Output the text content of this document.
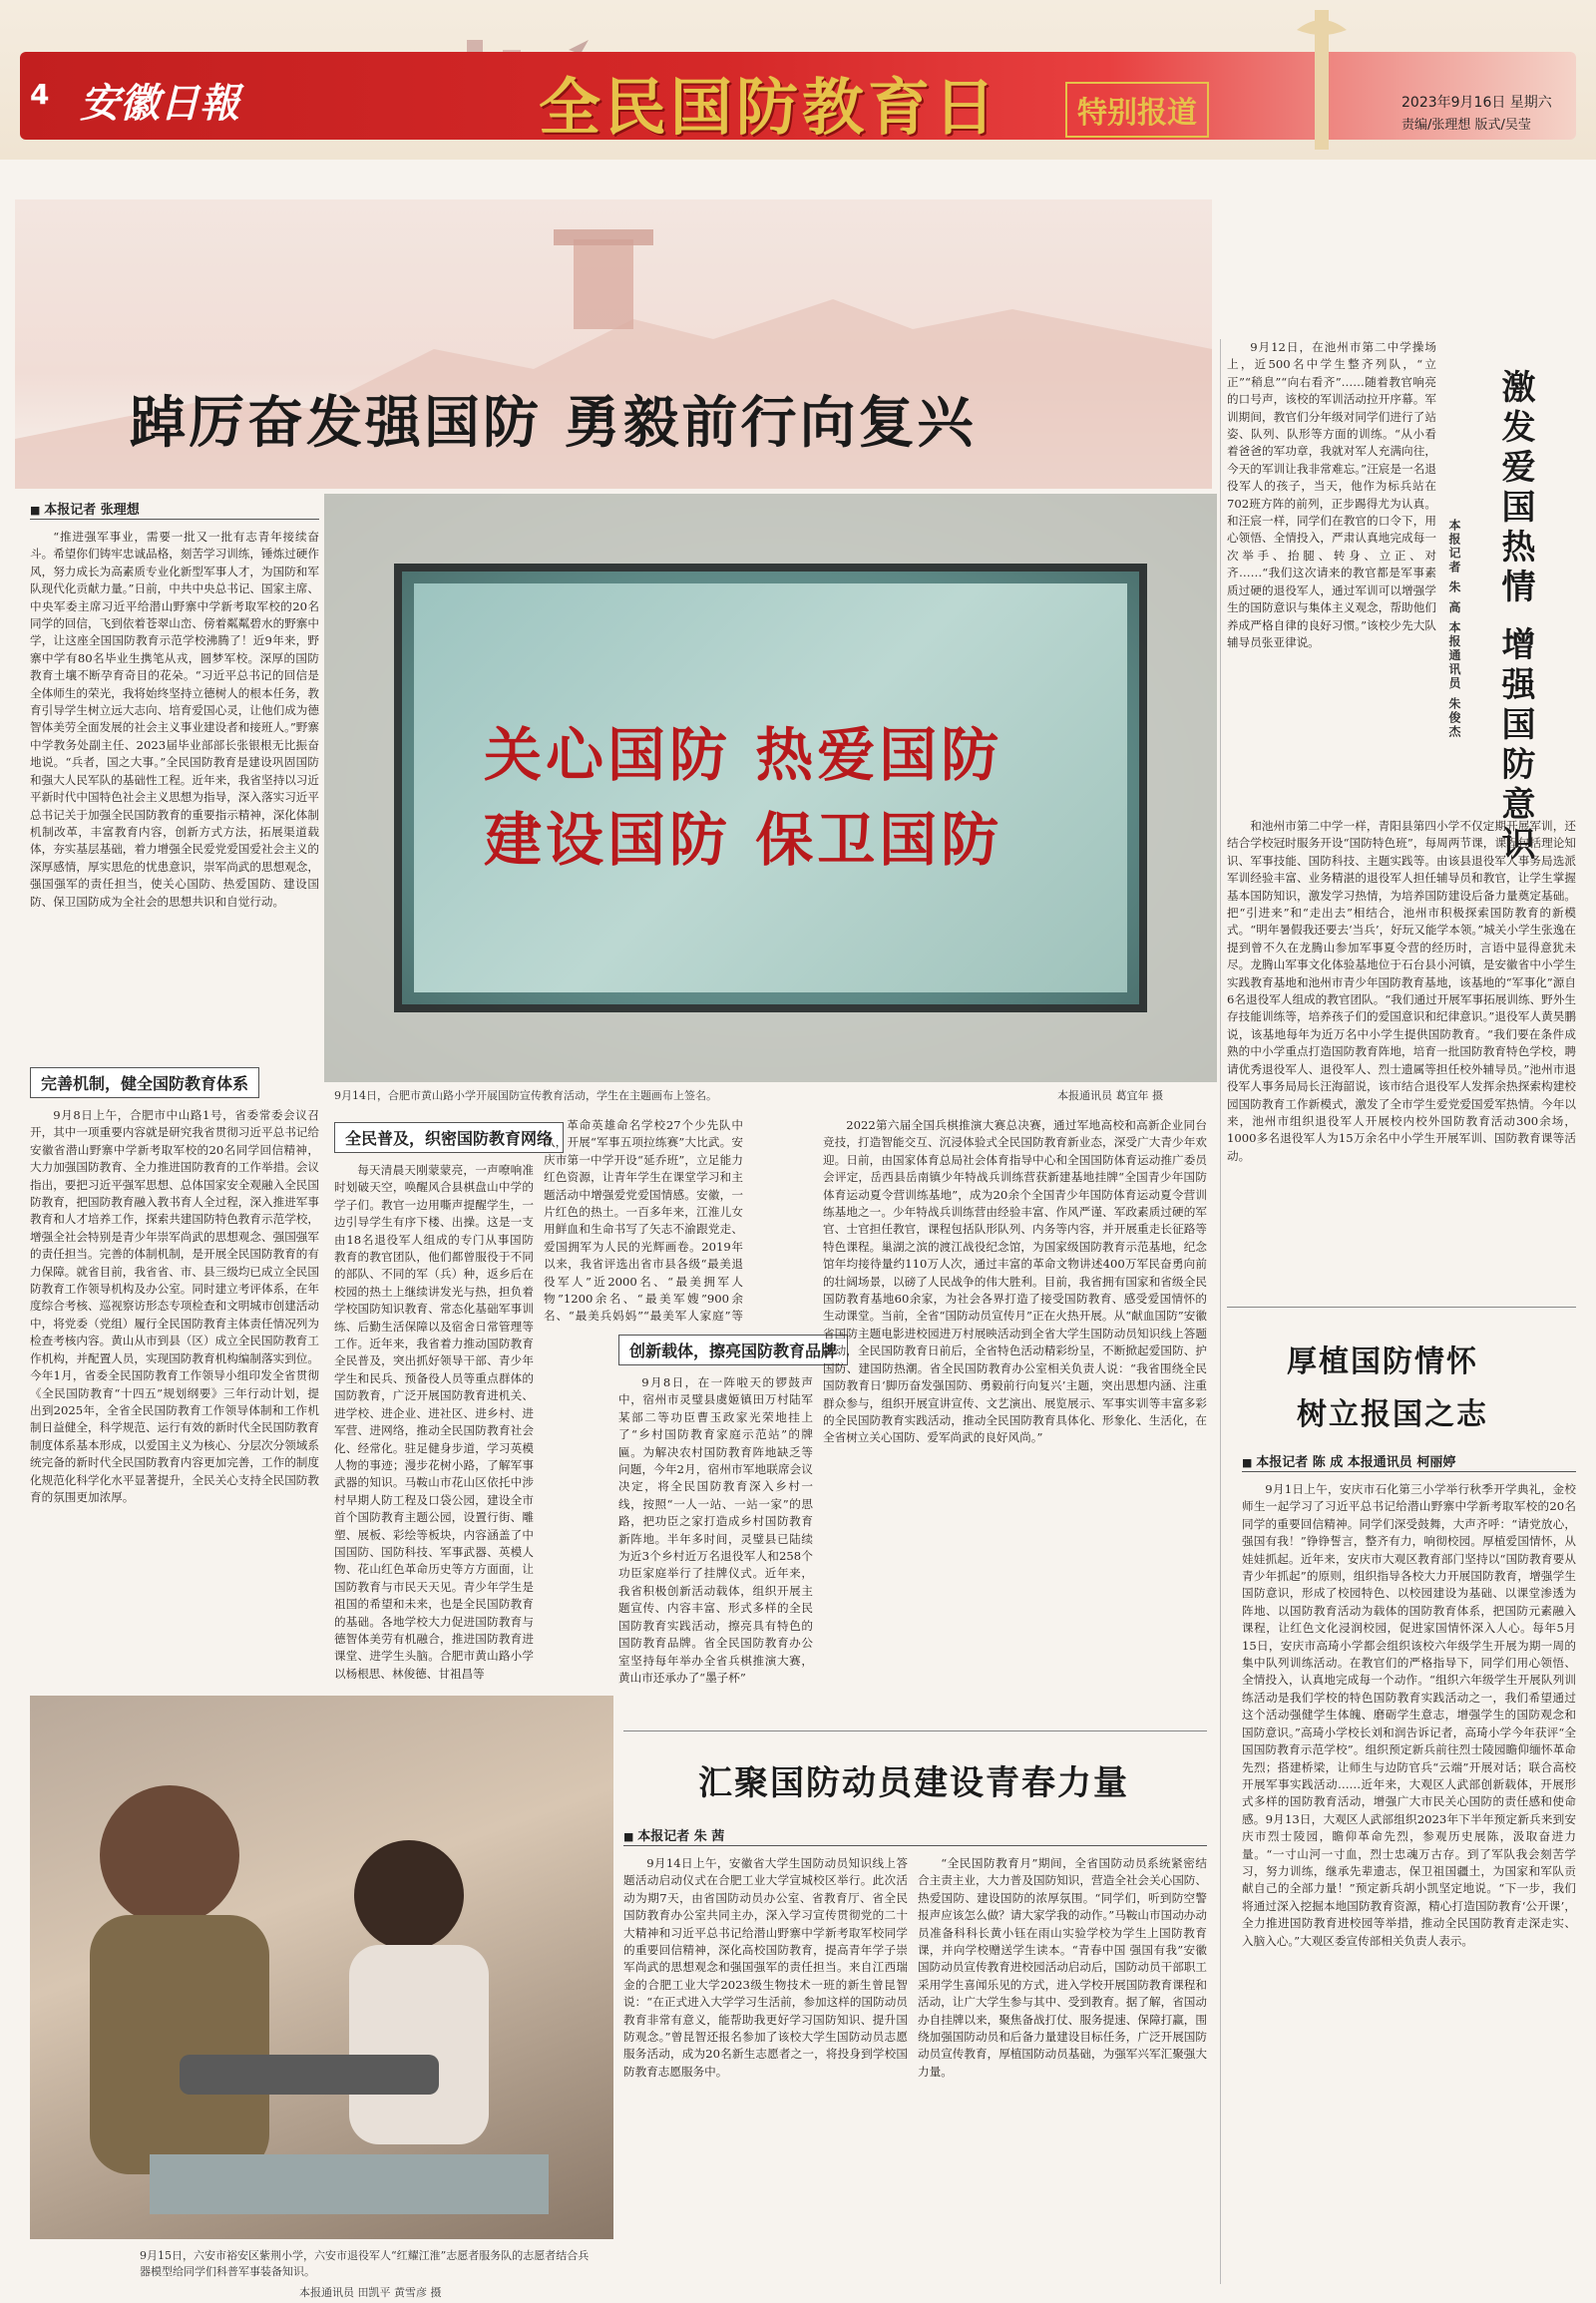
4 安徽日報	全民国防教育日	特别报道	2023年9月16日 星期六
责编/张理想 版式/吴莹
踔厉奋发强国防 勇毅前行向复兴
■ 本报记者 张理想
关心国防 热爱国防
建设国防 保卫国防
9月14日，合肥市黄山路小学开展国防宣传教育活动，学生在主题画布上签名。	本报通讯员 葛宜年 摄

“推进强军事业，需要一批又一批有志青年接续奋斗。希望你们铸牢忠诚品格，刻苦学习训练，锤炼过硬作风，努力成长为高素质专业化新型军事人才，为国防和军队现代化贡献力量。”日前，中共中央总书记、国家主席、中央军委主席习近平给潜山野寨中学新考取军校的20名同学的回信，飞到依着苍翠山峦、傍着粼粼碧水的野寨中学，让这座全国国防教育示范学校沸腾了！近9年来，野寨中学有80名毕业生携笔从戎，圆梦军校。深厚的国防教育土壤不断孕育奇目的花朵。“习近平总书记的回信是全体师生的荣光，我将始终坚持立德树人的根本任务，教育引导学生树立远大志向、培育爱国心灵，让他们成为德智体美劳全面发展的社会主义事业建设者和接班人。”野寨中学教务处副主任、2023届毕业部部长张银根无比振奋地说。“兵者，国之大事。”全民国防教育是建设巩固国防和强大人民军队的基础性工程。近年来，我省坚持以习近平新时代中国特色社会主义思想为指导，深入落实习近平总书记关于加强全民国防教育的重要指示精神，深化体制机制改革，丰富教育内容，创新方式方法，拓展渠道载体，夯实基层基础，着力增强全民爱党爱国爱社会主义的深厚感情，厚实思危的忧患意识，崇军尚武的思想观念，强国强军的责任担当，使关心国防、热爱国防、建设国防、保卫国防成为全社会的思想共识和自觉行动。

完善机制，健全国防教育体系

9月8日上午，合肥市中山路1号，省委常委会议召开，其中一项重要内容就是研究我省贯彻习近平总书记给安徽省潜山野寨中学新考取军校的20名同学回信精神，大力加强国防教育、全力推进国防教育的工作举措。会议指出，要把习近平强军思想、总体国家安全观融入全民国防教育，把国防教育融入教书育人全过程，深入推进军事教育和人才培养工作，探索共建国防特色教育示范学校，增强全社会特别是青少年崇军尚武的思想观念、强国强军的责任担当。完善的体制机制，是开展全民国防教育的有力保障。就省目前，我省省、市、县三级均已成立全民国防教育工作领导机构及办公室。同时建立考评体系，在年度综合考核、巡视察访形态专项检查和文明城市创建活动中，将党委（党组）履行全民国防教育主体责任情况列为检查考核内容。黄山从市到县（区）成立全民国防教育工作机构，并配置人员，实现国防教育机构编制落实到位。今年1月，省委全民国防教育工作领导小组印发全省贯彻《全民国防教育“十四五”规划纲要》三年行动计划，提出到2025年，全省全民国防教育工作领导体制和工作机制日益健全，科学规范、运行有效的新时代全民国防教育制度体系基本形成，以爱国主义为核心、分层次分领域系统完备的新时代全民国防教育内容更加完善，工作的制度化规范化科学化水平显著提升，全民关心支持全民国防教育的氛围更加浓厚。

全民普及，织密国防教育网络

每天清晨天刚蒙蒙亮，一声嘹响准时划破天空，唤醒风合县棋盘山中学的学子们。教官一边用嘶声提醒学生，一边引导学生有序下楼、出操。这是一支由18名退役军人组成的专门从事国防教育的教官团队，他们都曾服役于不同的部队、不同的军（兵）种，返乡后在校园的热土上继续讲发光与热，担负着学校国防知识教育、常态化基础军事训练、后勤生活保障以及宿舍日常管理等工作。近年来，我省着力推动国防教育全民普及，突出抓好领导干部、青少年学生和民兵、预备役人员等重点群体的国防教育，广泛开展国防教育进机关、进学校、进企业、进社区、进乡村、进军营、进网络，推动全民国防教育社会化、经常化。驻足健身步道，学习英模人物的事迹；漫步花树小路，了解军事武器的知识。马鞍山市花山区依托中涉村早期人防工程及口袋公园，建设全市首个国防教育主题公园，设置行街、雕塑、展板、彩绘等板块，内容涵盖了中国国防、国防科技、军事武器、英模人物、花山红色革命历史等方方面面，让国防教育与市民天天见。青少年学生是祖国的希望和未来，也是全民国防教育的基础。各地学校大力促进国防教育与德智体美劳有机融合，推进国防教育进课堂、进学生头脑。合肥市黄山路小学以杨根思、林俊德、甘祖昌等

革命英雄命名学校27个少先队中队，开展“军事五项拉练赛”大比武。安庆市第一中学开设“延乔班”，立足能力红色资源，让青年学生在课堂学习和主题活动中增强爱党爱国情感。安徽，一片红色的热土。一百多年来，江淮儿女用鲜血和生命书写了矢志不渝跟党走、爱国拥军为人民的光辉画卷。2019年以来，我省评选出省市县各级“最美退役军人”近2000名、“最美拥军人物”1200余名、“最美军嫂”900余名、“最美兵妈妈”“最美军人家庭”等

创新载体，擦亮国防教育品牌

9月8日，在一阵啦天的锣鼓声中，宿州市灵璧县虞姬镇田万村陆军某部二等功臣曹玉政家光荣地挂上了“乡村国防教育家庭示范站”的牌匾。为解决农村国防教育阵地缺乏等问题，今年2月，宿州市军地联席会议决定，将全民国防教育深入乡村一线，按照“一人一站、一站一家”的思路，把功臣之家打造成乡村国防教育新阵地。半年多时间，灵璧县已陆续为近3个乡村近万名退役军人和258个功臣家庭举行了挂牌仪式。近年来，我省积极创新活动载体，组织开展主题宣传、内容丰富、形式多样的全民国防教育实践活动，擦亮具有特色的国防教育品牌。省全民国防教育办公室坚持每年举办全省兵棋推演大赛，黄山市还承办了“墨子杯”

2022第六届全国兵棋推演大赛总决赛，通过军地高校和高新企业同台竞技，打造智能交互、沉浸体验式全民国防教育新业态，深受广大青少年欢迎。日前，由国家体育总局社会体育指导中心和全国国防体育运动推广委员会评定，岳西县岳南镇少年特战兵训练营获新建基地挂牌“全国青少年国防体育运动夏令营训练基地”，成为20余个全国青少年国防体育运动夏令营训练基地之一。少年特战兵训练营由经验丰富、作风严谨、军政素质过硬的军官、士官担任教官，课程包括队形队列、内务等内容，并开展重走长征路等特色课程。巢湖之滨的渡江战役纪念馆，为国家级国防教育示范基地，纪念馆年均接待量约110万人次，通过丰富的革命文物讲述400万军民奋勇向前的壮阔场景，以磅了人民战争的伟大胜利。目前，我省拥有国家和省级全民国防教育基地60余家，为社会各界打造了接受国防教育、感受爱国情怀的生动课堂。当前，全省“国防动员宣传月”正在火热开展。从“献血国防”安徽省国防主题电影进校园进万村展映活动到全省大学生国防动员知识线上答题活动，全民国防教育日前后，全省特色活动精彩纷呈，不断掀起爱国防、护国防、建国防热潮。省全民国防教育办公室相关负责人说：“我省围绕全民国防教育日‘脚历奋发强国防、勇毅前行向复兴’主题，突出思想内涵、注重群众参与，组织开展宣讲宣传、文艺演出、展览展示、军事实训等丰富多彩的全民国防教育实践活动，推动全民国防教育具体化、形象化、生活化，在全省树立关心国防、爱军尚武的良好风尚。”

9月15日，六安市裕安区紫荆小学，六安市退役军人“红耀江淮”志愿者服务队的志愿者结合兵器模型给同学们科普军事装备知识。
本报通讯员 田凯平 黄雪彦 摄
汇聚国防动员建设青春力量
■ 本报记者 朱 茜

9月14日上午，安徽省大学生国防动员知识线上答题活动启动仪式在合肥工业大学宣城校区举行。此次活动为期7天，由省国防动员办公室、省教育厅、省全民国防教育办公室共同主办，深入学习宣传贯彻党的二十大精神和习近平总书记给潜山野寨中学新考取军校同学的重要回信精神，深化高校国防教育，提高青年学子崇军尚武的思想观念和强国强军的责任担当。来自江西瑞金的合肥工业大学2023级生物技术一班的新生曾昆智说：“在正式进入大学学习生活前，参加这样的国防动员教育非常有意义，能帮助我更好学习国防知识、提升国防观念。”曾昆智还报名参加了该校大学生国防动员志愿服务活动，成为20名新生志愿者之一，将投身到学校国防教育志愿服务中。

“全民国防教育月”期间，全省国防动员系统紧密结合主责主业，大力普及国防知识，营造全社会关心国防、热爱国防、建设国防的浓厚氛围。“同学们，听到防空警报声应该怎么做？请大家学我的动作。”马鞍山市国动办动员准备科科长黄小钰在雨山实验学校为学生上国防教育课，并向学校赠送学生读本。“青春中国 强国有我”安徽国防动员宣传教育进校园活动启动后，国防动员干部职工采用学生喜闻乐见的方式，进入学校开展国防教育课程和活动，让广大学生参与其中、受到教育。据了解，省国动办自挂牌以来，聚焦备战打仗、服务提速、保障打赢，围绕加强国防动员和后备力量建设目标任务，广泛开展国防动员宣传教育，厚植国防动员基础，为强军兴军汇聚强大力量。

9月12日，在池州市第二中学操场上，近500名中学生整齐列队，“立正”“稍息”“向右看齐”……随着教官响亮的口号声，该校的军训活动拉开序幕。军训期间，教官们分年级对同学们进行了站姿、队列、队形等方面的训练。“从小看着爸爸的军功章，我就对军人充满向往，今天的军训让我非常难忘。”汪宸是一名退役军人的孩子，当天，他作为标兵站在702班方阵的前列，正步踢得尤为认真。和汪宸一样，同学们在教官的口令下，用心领悟、全情投入，严肃认真地完成每一次举手、抬腿、转身、立正、对齐……“我们这次请来的教官都是军事素质过硬的退役军人，通过军训可以增强学生的国防意识与集体主义观念，帮助他们养成严格自律的良好习惯。”该校少先大队辅导员张亚律说。	激发爱国热情 增强国防意识
本报记者 朱 高 本报通讯员 朱俊杰

和池州市第二中学一样，青阳县第四小学不仅定期开展军训，还结合学校冠时服务开设“国防特色班”，每周两节课，课程包括理论知识、军事技能、国防科技、主题实践等。由该县退役军人事务局选派军训经验丰富、业务精湛的退役军人担任辅导员和教官，让学生掌握基本国防知识，激发学习热情，为培养国防建设后备力量奠定基础。把“引进来”和“走出去”相结合，池州市积极探索国防教育的新模式。“明年暑假我还要去‘当兵’，好玩又能学本领。”城关小学生张逸在提到曾不久在龙腾山参加军事夏令营的经历时，言语中显得意犹未尽。龙腾山军事文化体验基地位于石台县小河镇，是安徽省中小学生实践教育基地和池州市青少年国防教育基地，该基地的“军事化”源自6名退役军人组成的教官团队。“我们通过开展军事拓展训练、野外生存技能训练等，培养孩子们的爱国意识和纪律意识。”退役军人黄昊鹏说，该基地每年为近万名中小学生提供国防教育。“我们要在条件成熟的中小学重点打造国防教育阵地，培育一批国防教育特色学校，聘请优秀退役军人、退役军人、烈士遗属等担任校外辅导员。”池州市退役军人事务局局长汪海韶说，该市结合退役军人发挥余热探索构建校园国防教育工作新模式，激发了全市学生爱党爱国爱军热情。今年以来，池州市组织退役军人开展校内校外国防教育活动300余场，1000多名退役军人为15万余名中小学生开展军训、国防教育课等活动。

厚植国防情怀
树立报国之志
■ 本报记者 陈 成 本报通讯员 柯丽婷

9月1日上午，安庆市石化第三小学举行秋季开学典礼，金校师生一起学习了习近平总书记给潜山野寨中学新考取军校的20名同学的重要回信精神。同学们深受鼓舞，大声齐呼：“请党放心，强国有我！”铮铮誓言，整齐有力，响彻校园。厚植爱国情怀，从娃娃抓起。近年来，安庆市大观区教育部门坚持以“国防教育要从青少年抓起”的原则，组织指导各校大力开展国防教育，增强学生国防意识，形成了校园特色、以校园建设为基础、以课堂渗透为阵地、以国防教育活动为载体的国防教育体系，把国防元素融入课程，让红色文化浸润校园，促进家国情怀深入人心。每年5月15日，安庆市高琦小学都会组织该校六年级学生开展为期一周的集中队列训练活动。在教官们的严格指导下，同学们用心领悟、全情投入，认真地完成每一个动作。“组织六年级学生开展队列训练活动是我们学校的特色国防教育实践活动之一，我们希望通过这个活动强健学生体魄、磨砺学生意志，增强学生的国防观念和国防意识。”高琦小学校长刘和润告诉记者，高琦小学今年获评“全国国防教育示范学校”。组织预定新兵前往烈士陵园瞻仰缅怀革命先烈；搭建桥梁，让师生与边防官兵“云端”开展对话；联合高校开展军事实践活动……近年来，大观区人武部创新载体，开展形式多样的国防教育活动，增强广大市民关心国防的责任感和使命感。9月13日，大观区人武部组织2023年下半年预定新兵来到安庆市烈士陵园，瞻仰革命先烈，参观历史展陈，汲取奋进力量。“一寸山河一寸血，烈士忠魂万古存。到了军队我会刻苦学习，努力训练，继承先辈遗志，保卫祖国疆土，为国家和军队贡献自己的全部力量！”预定新兵胡小凯坚定地说。“下一步，我们将通过深入挖掘本地国防教育资源，精心打造国防教育‘公开课’，全力推进国防教育进校园等举措，推动全民国防教育走深走实、入脑入心。”大观区委宣传部相关负责人表示。
